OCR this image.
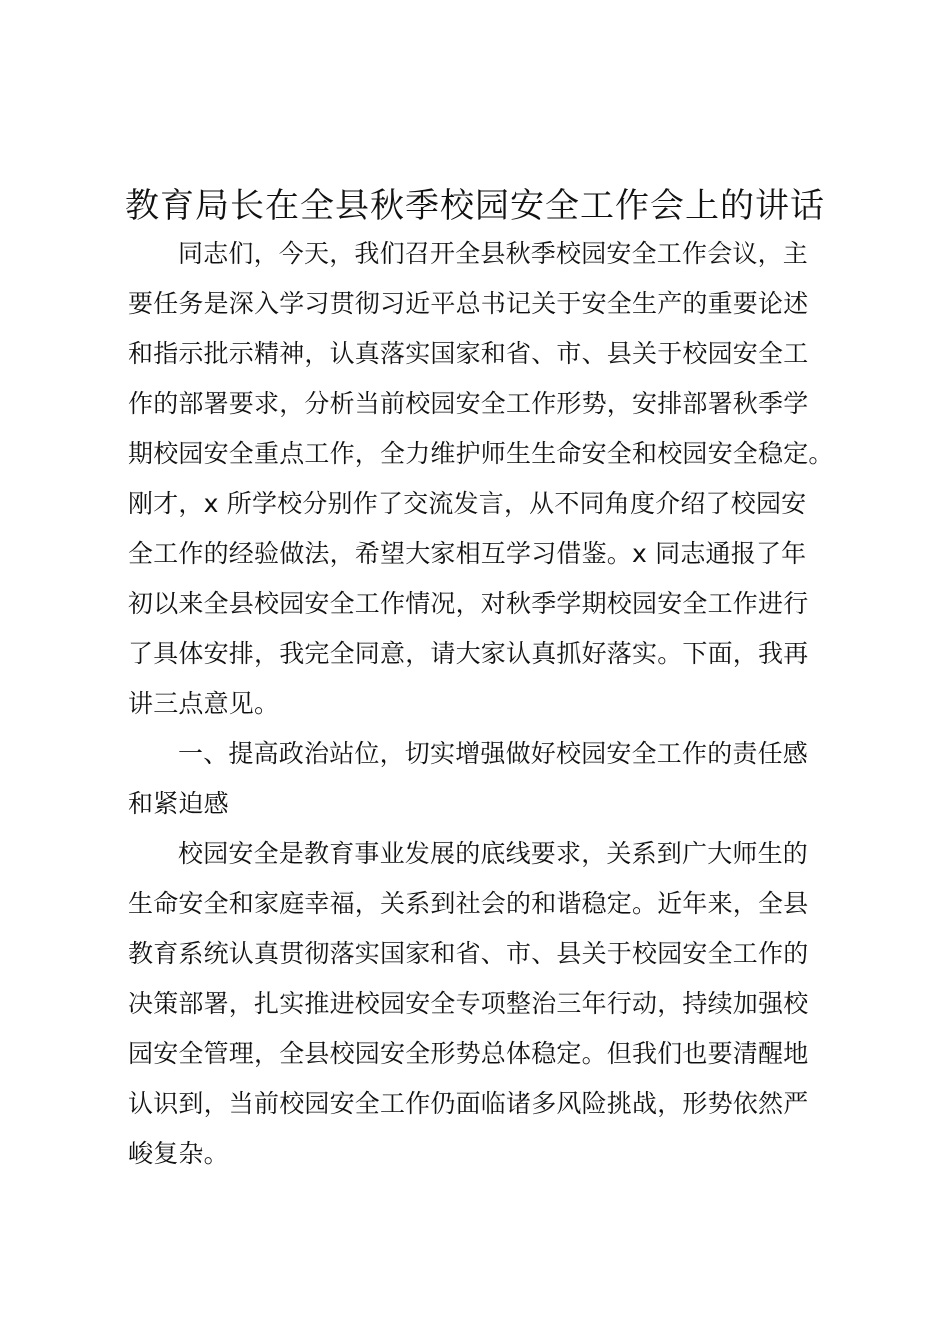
教育局长在全县秋季校园安全工作会上的讲话

同志们，今天，我们召开全县秋季校园安全工作会议，主

要任务是深入学习贯彻习近平总书记关于安全生产的重要论述

和指示批示精神，认真落实国家和省、市、县关于校园安全工

作的部署要求，分析当前校园安全工作形势，安排部署秋季学

期校园安全重点工作，全力维护师生生命安全和校园安全稳定。

刚才，x 所学校分别作了交流发言，从不同角度介绍了校园安

全工作的经验做法，希望大家相互学习借鉴。x 同志通报了年

初以来全县校园安全工作情况，对秋季学期校园安全工作进行

了具体安排，我完全同意，请大家认真抓好落实。下面，我再

讲三点意见。

一、提高政治站位，切实增强做好校园安全工作的责任感

和紧迫感

校园安全是教育事业发展的底线要求，关系到广大师生的

生命安全和家庭幸福，关系到社会的和谐稳定。近年来，全县

教育系统认真贯彻落实国家和省、市、县关于校园安全工作的

决策部署，扎实推进校园安全专项整治三年行动，持续加强校

园安全管理，全县校园安全形势总体稳定。但我们也要清醒地

认识到，当前校园安全工作仍面临诸多风险挑战，形势依然严

峻复杂。
